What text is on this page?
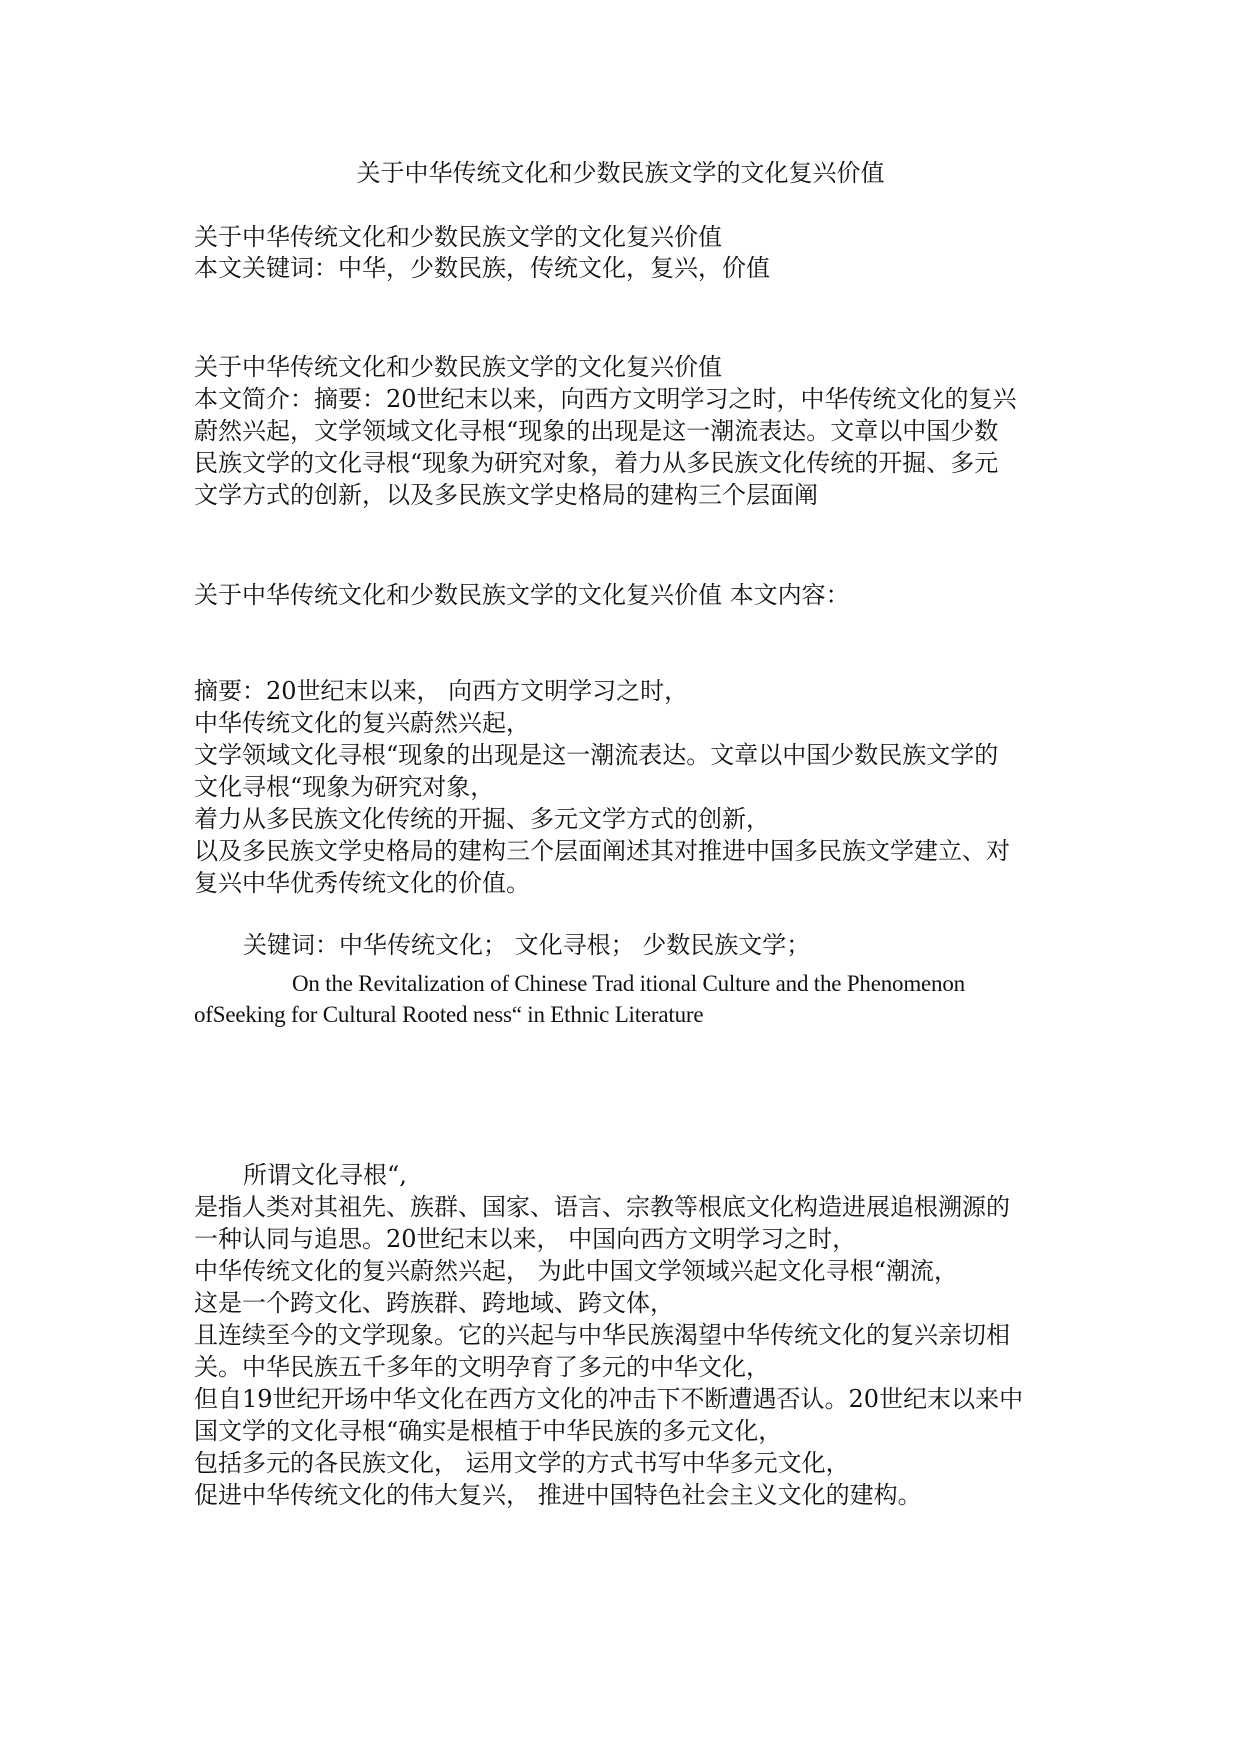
关于中华传统文化和少数民族文学的文化复兴价值
关于中华传统文化和少数民族文学的文化复兴价值
本文关键词：中华，少数民族，传统文化，复兴，价值
关于中华传统文化和少数民族文学的文化复兴价值
本文简介：摘要：20世纪末以来，向西方文明学习之时，中华传统文化的复兴
蔚然兴起，文学领域文化寻根“现象的出现是这一潮流表达。文章以中国少数
民族文学的文化寻根“现象为研究对象，着力从多民族文化传统的开掘、多元
文学方式的创新，以及多民族文学史格局的建构三个层面阐
关于中华传统文化和少数民族文学的文化复兴价值 本文内容：
摘要：20世纪末以来， 向西方文明学习之时，
中华传统文化的复兴蔚然兴起，
文学领域文化寻根“现象的出现是这一潮流表达。文章以中国少数民族文学的
文化寻根“现象为研究对象，
着力从多民族文化传统的开掘、多元文学方式的创新，
以及多民族文学史格局的建构三个层面阐述其对推进中国多民族文学建立、对
复兴中华优秀传统文化的价值。
关键词：中华传统文化； 文化寻根； 少数民族文学；
On the Revitalization of Chinese Trad itional Culture and the Phenomenon
ofSeeking for Cultural Rooted ness“ in Ethnic Literature
所谓文化寻根“,
是指人类对其祖先、族群、国家、语言、宗教等根底文化构造进展追根溯源的
一种认同与追思。20世纪末以来， 中国向西方文明学习之时，
中华传统文化的复兴蔚然兴起， 为此中国文学领域兴起文化寻根“潮流，
这是一个跨文化、跨族群、跨地域、跨文体，
且连续至今的文学现象。它的兴起与中华民族渴望中华传统文化的复兴亲切相
关。中华民族五千多年的文明孕育了多元的中华文化，
但自19世纪开场中华文化在西方文化的冲击下不断遭遇否认。20世纪末以来中
国文学的文化寻根“确实是根植于中华民族的多元文化，
包括多元的各民族文化， 运用文学的方式书写中华多元文化，
促进中华传统文化的伟大复兴， 推进中国特色社会主义文化的建构。
